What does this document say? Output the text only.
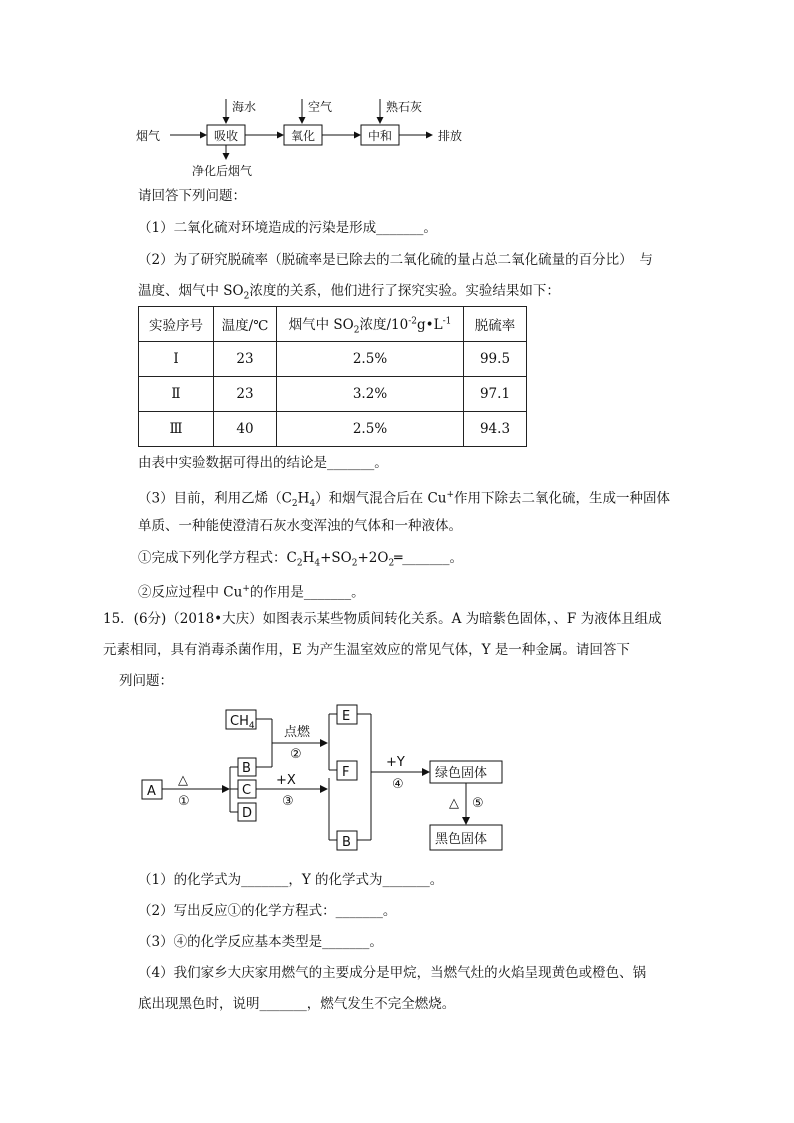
海水	空气	熟石灰
烟气	吸收	氧化	中和	排放
净化后烟气
请回答下列问题：
（1）二氧化硫对环境造成的污染是形成_______。
（2）为了研究脱硫率（脱硫率是已除去的二氧化硫的量占总二氧化硫量的百分比）　与
温度、烟气中 $SO_2$浓度的关系，他们进行了探究实验。实验结果如下：
实验序号	温度/℃	烟气中 $SO_2$浓度$/10^{-2}g•L^{-1}$	脱硫率
Ⅰ	23	2.5%	99.5
Ⅱ	23	3.2%	97.1
Ⅲ	40	2.5%	94.3
由表中实验数据可得出的结论是_______。
（3）目前，利用乙烯$(C_2H_4)$和烟气混合后在 Cu+作用下除去二氧化硫，生成一种固体
单质、一种能使澄清石灰水变浑浊的气体和一种液体。
①完成下列化学方程式：$C_2H_4+SO_2+2O_2═\_\_\_\_\_\_\_$。
②反应过程中 Cu+的作用是_______。
15．(6分)（2018•大庆）如图表示某些物质间转化关系。A 为暗紫色固体，、F 为液体且组成
元素相同，具有消毒杀菌作用，E 为产生温室效应的常见气体，Y 是一种金属。请回答下
列问题：
A
B
C
D
$CH_4$
E
F
B
点燃
②
△
①
+X
③
+Y
④
绿色固体
△ ⑤
黑色固体
（1）的化学式为_______，Y 的化学式为_______。
（2）写出反应①的化学方程式：_______。
（3）④的化学反应基本类型是_______。
（4）我们家乡大庆家用燃气的主要成分是甲烷，当燃气灶的火焰呈现黄色或橙色、锅
底出现黑色时，说明_______，燃气发生不完全燃烧。
